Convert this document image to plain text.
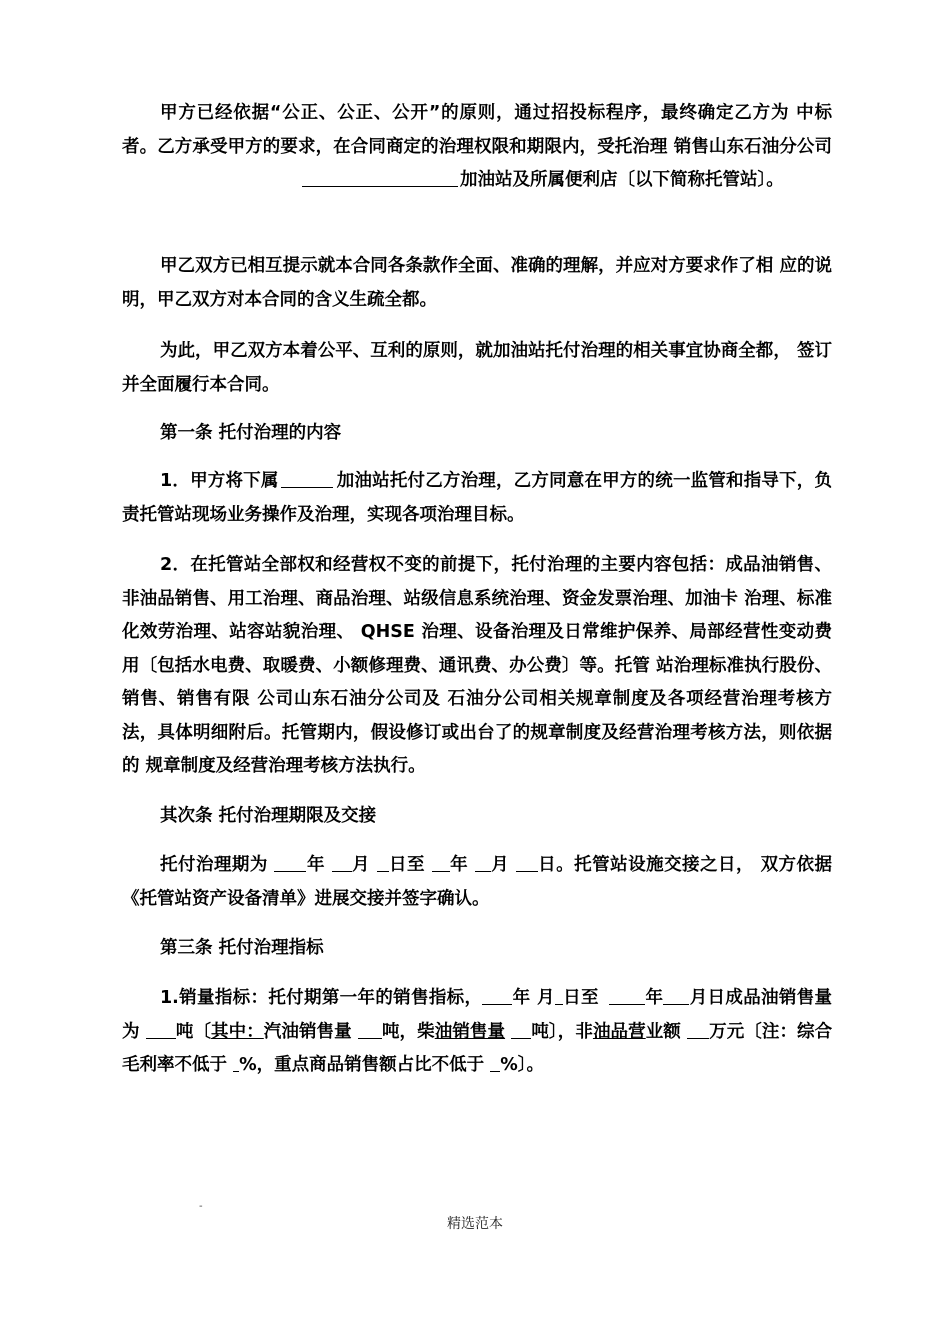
甲方已经依据“公正、公正、公开”的原则，通过招投标程序，最终确定乙方为 中标者。乙方承受甲方的要求，在合同商定的治理权限和期限内，受托治理 销售山东石油分公司加油站及所属便利店〔以下简称托管站〕。
甲乙双方已相互提示就本合同各条款作全面、准确的理解，并应对方要求作了相 应的说明，甲乙双方对本合同的含义生疏全都。
为此，甲乙双方本着公平、互利的原则，就加油站托付治理的相关事宜协商全都， 签订并全面履行本合同。
第一条 托付治理的内容
1．甲方将下属	加油站托付乙方治理，乙方同意在甲方的统一监管和指导下，负责托管站现场业务操作及治理，实现各项治理目标。
2．在托管站全部权和经营权不变的前提下，托付治理的主要内容包括：成品油销售、非油品销售、用工治理、商品治理、站级信息系统治理、资金发票治理、加油卡 治理、标准化效劳治理、站容站貌治理、 QHSE 治理、设备治理及日常维护保养、局部经营性变动费用〔包括水电费、取暖费、小额修理费、通讯费、办公费〕等。托管 站治理标准执行股份、销售、销售有限 公司山东石油分公司及 石油分公司相关规章制度及各项经营治理考核方法，具体明细附后。托管期内，假设修订或出台了的规章制度及经营治理考核方法，则依据的 规章制度及经营治理考核方法执行。
其次条 托付治理期限及交接
托付治理期为 年 月 日至 年 月 日。托管站设施交接之日， 双方依据《托管站资产设备清单》进展交接并签字确认。
第三条 托付治理指标
1.销量指标：托付期第一年的销售指标， 年 月 日至	年 月日成品油销售量为 吨〔其中：汽油销售量 吨，柴油销售量 吨〕，非油品营业额 万元〔注：综合毛利率不低于 %，重点商品销售额占比不低于 %〕。
-
精选范本
